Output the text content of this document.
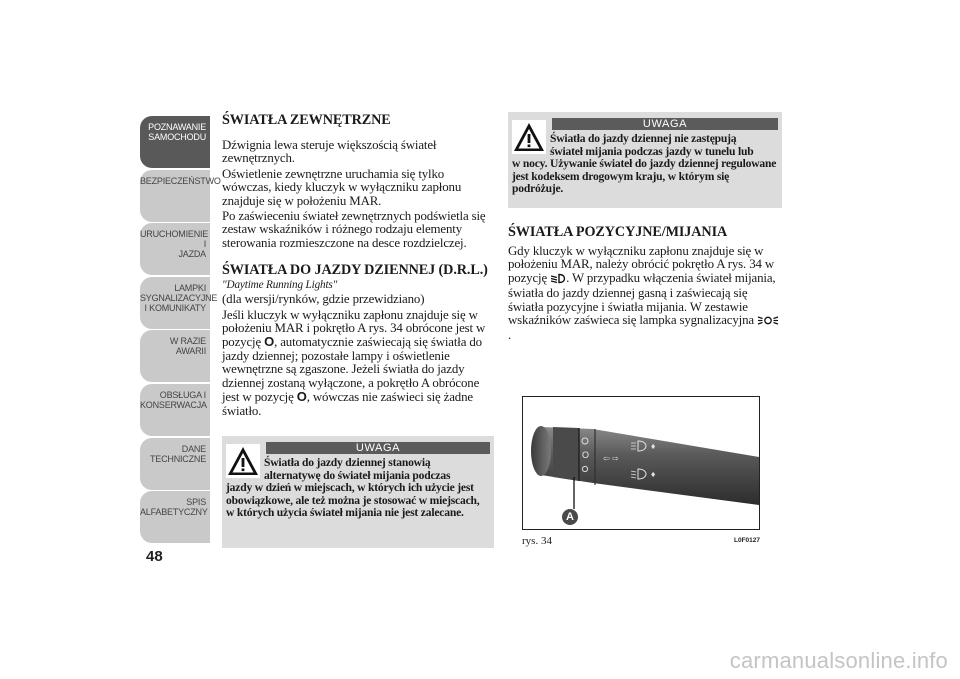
POZNAWANIE
SAMOCHODU
BEZPIECZEŃSTWO
URUCHOMIENIE I
JAZDA
LAMPKI
SYGNALIZACYJNE
I KOMUNIKATY
W RAZIE AWARII
OBSŁUGA I
KONSERWACJA
DANE
TECHNICZNE
SPIS
ALFABETYCZNY
48
ŚWIATŁA ZEWNĘTRZNE

Dźwignia lewa steruje większością świateł zewnętrznych.

Oświetlenie zewnętrzne uruchamia się tylko wówczas, kiedy kluczyk w wyłączniku zapłonu znajduje się w położeniu MAR.

Po zaświeceniu świateł zewnętrznych podświetla się zestaw wskaźników i różnego rodzaju elementy sterowania rozmieszczone na desce rozdzielczej.

ŚWIATŁA DO JAZDY DZIENNEJ (D.R.L.)

"Daytime Running Lights"

(dla wersji/rynków, gdzie przewidziano)

Jeśli kluczyk w wyłączniku zapłonu znajduje się w położeniu MAR i pokrętło A rys. 34 obrócone jest w pozycję O, automatycznie zaświecają się światła do jazdy dziennej; pozostałe lampy i oświetlenie wewnętrzne są zgaszone. Jeżeli światła do jazdy dziennej zostaną wyłączone, a pokrętło A obrócone jest w pozycję O, wówczas nie zaświeci się żadne światło.

UWAGA
Światła do jazdy dziennej stanowią
alternatywę do świateł mijania podczas
jazdy w dzień w miejscach, w których ich użycie jest obowiązkowe, ale też można je stosować w miejscach, w których użycia świateł mijania nie jest zalecane.
UWAGA
Światła do jazdy dziennej nie zastępują
świateł mijania podczas jazdy w tunelu lub
w nocy. Używanie świateł do jazdy dziennej regulowane jest kodeksem drogowym kraju, w którym się podróżuje.
ŚWIATŁA POZYCYJNE/MIJANIA

Gdy kluczyk w wyłączniku zapłonu znajduje się w położeniu MAR, należy obrócić pokrętło A rys. 34 w pozycję . W przypadku włączenia świateł mijania, światła do jazdy dziennej gasną i zaświecają się światła pozycyjne i światła mijania. W zestawie wskaźników zaświeca się lampka sygnalizacyjna .

O ⇦ ⇨
♦
♦
A
rys. 34	L0F0127
carmanualsonline.info
